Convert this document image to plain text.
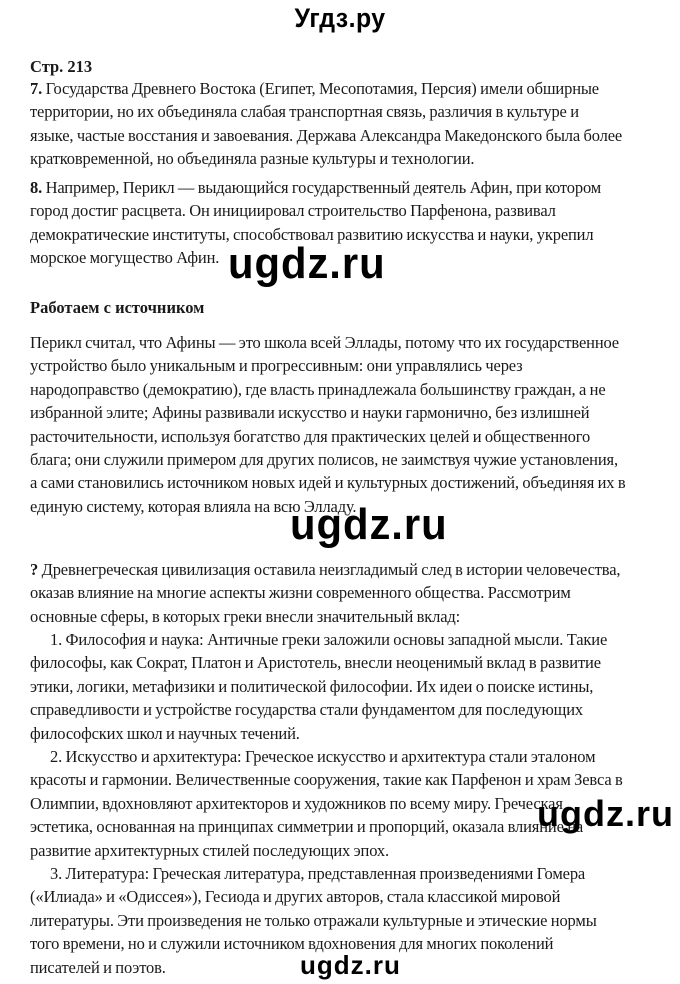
Угдз.ру
Стр. 213
7. Государства Древнего Востока (Египет, Месопотамия, Персия) имели обширные
территории, но их объединяла слабая транспортная связь, различия в культуре и
языке, частые восстания и завоевания. Держава Александра Македонского была более
кратковременной, но объединяла разные культуры и технологии.
8. Например, Перикл — выдающийся государственный деятель Афин, при котором
город достиг расцвета. Он инициировал строительство Парфенона, развивал
демократические институты, способствовал развитию искусства и науки, укрепил
морское могущество Афин.
Работаем с источником
Перикл считал, что Афины — это школа всей Эллады, потому что их государственное
устройство было уникальным и прогрессивным: они управлялись через
народоправство (демократию), где власть принадлежала большинству граждан, а не
избранной элите; Афины развивали искусство и науки гармонично, без излишней
расточительности, используя богатство для практических целей и общественного
блага; они служили примером для других полисов, не заимствуя чужие установления,
а сами становились источником новых идей и культурных достижений, объединяя их в
единую систему, которая влияла на всю Элладу.
? Древнегреческая цивилизация оставила неизгладимый след в истории человечества,
оказав влияние на многие аспекты жизни современного общества. Рассмотрим
основные сферы, в которых греки внесли значительный вклад:
1. Философия и наука: Античные греки заложили основы западной мысли. Такие
философы, как Сократ, Платон и Аристотель, внесли неоценимый вклад в развитие
этики, логики, метафизики и политической философии. Их идеи о поиске истины,
справедливости и устройстве государства стали фундаментом для последующих
философских школ и научных течений.
2. Искусство и архитектура: Греческое искусство и архитектура стали эталоном
красоты и гармонии. Величественные сооружения, такие как Парфенон и храм Зевса в
Олимпии, вдохновляют архитекторов и художников по всему миру. Греческая
эстетика, основанная на принципах симметрии и пропорций, оказала влияние на
развитие архитектурных стилей последующих эпох.
3. Литература: Греческая литература, представленная произведениями Гомера
(«Илиада» и «Одиссея»), Гесиода и других авторов, стала классикой мировой
литературы. Эти произведения не только отражали культурные и этические нормы
того времени, но и служили источником вдохновения для многих поколений
писателей и поэтов.
ugdz.ru
ugdz.ru
ugdz.ru
ugdz.ru
